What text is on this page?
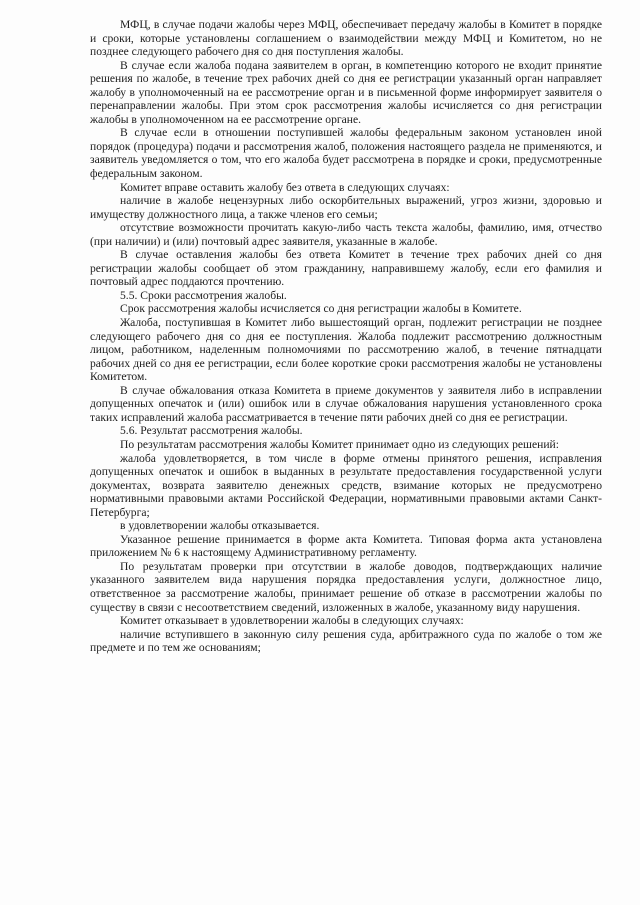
МФЦ, в случае подачи жалобы через МФЦ, обеспечивает передачу жалобы в Комитет в порядке и сроки, которые установлены соглашением о взаимодействии между МФЦ и Комитетом, но не позднее следующего рабочего дня со дня поступления жалобы.

В случае если жалоба подана заявителем в орган, в компетенцию которого не входит принятие решения по жалобе, в течение трех рабочих дней со дня ее регистрации указанный орган направляет жалобу в уполномоченный на ее рассмотрение орган и в письменной форме информирует заявителя о перенаправлении жалобы. При этом срок рассмотрения жалобы исчисляется со дня регистрации жалобы в уполномоченном на ее рассмотрение органе.

В случае если в отношении поступившей жалобы федеральным законом установлен иной порядок (процедура) подачи и рассмотрения жалоб, положения настоящего раздела не применяются, и заявитель уведомляется о том, что его жалоба будет рассмотрена в порядке и сроки, предусмотренные федеральным законом.

Комитет вправе оставить жалобу без ответа в следующих случаях:

наличие в жалобе нецензурных либо оскорбительных выражений, угроз жизни, здоровью и имуществу должностного лица, а также членов его семьи;

отсутствие возможности прочитать какую-либо часть текста жалобы, фамилию, имя, отчество (при наличии) и (или) почтовый адрес заявителя, указанные в жалобе.

В случае оставления жалобы без ответа Комитет в течение трех рабочих дней со дня регистрации жалобы сообщает об этом гражданину, направившему жалобу, если его фамилия и почтовый адрес поддаются прочтению.

5.5. Сроки рассмотрения жалобы.

Срок рассмотрения жалобы исчисляется со дня регистрации жалобы в Комитете.

Жалоба, поступившая в Комитет либо вышестоящий орган, подлежит регистрации не позднее следующего рабочего дня со дня ее поступления. Жалоба подлежит рассмотрению должностным лицом, работником, наделенным полномочиями по рассмотрению жалоб, в течение пятнадцати рабочих дней со дня ее регистрации, если более короткие сроки рассмотрения жалобы не установлены Комитетом.

В случае обжалования отказа Комитета в приеме документов у заявителя либо в исправлении допущенных опечаток и (или) ошибок или в случае обжалования нарушения установленного срока таких исправлений жалоба рассматривается в течение пяти рабочих дней со дня ее регистрации.

5.6. Результат рассмотрения жалобы.

По результатам рассмотрения жалобы Комитет принимает одно из следующих решений:

жалоба удовлетворяется, в том числе в форме отмены принятого решения, исправления допущенных опечаток и ошибок в выданных в результате предоставления государственной услуги документах, возврата заявителю денежных средств, взимание которых не предусмотрено нормативными правовыми актами Российской Федерации, нормативными правовыми актами Санкт-Петербурга;

в удовлетворении жалобы отказывается.

Указанное решение принимается в форме акта Комитета. Типовая форма акта установлена приложением № 6 к настоящему Административному регламенту.

По результатам проверки при отсутствии в жалобе доводов, подтверждающих наличие указанного заявителем вида нарушения порядка предоставления услуги, должностное лицо, ответственное за рассмотрение жалобы, принимает решение об отказе в рассмотрении жалобы по существу в связи с несоответствием сведений, изложенных в жалобе, указанному виду нарушения.

Комитет отказывает в удовлетворении жалобы в следующих случаях:

наличие вступившего в законную силу решения суда, арбитражного суда по жалобе о том же предмете и по тем же основаниям;
